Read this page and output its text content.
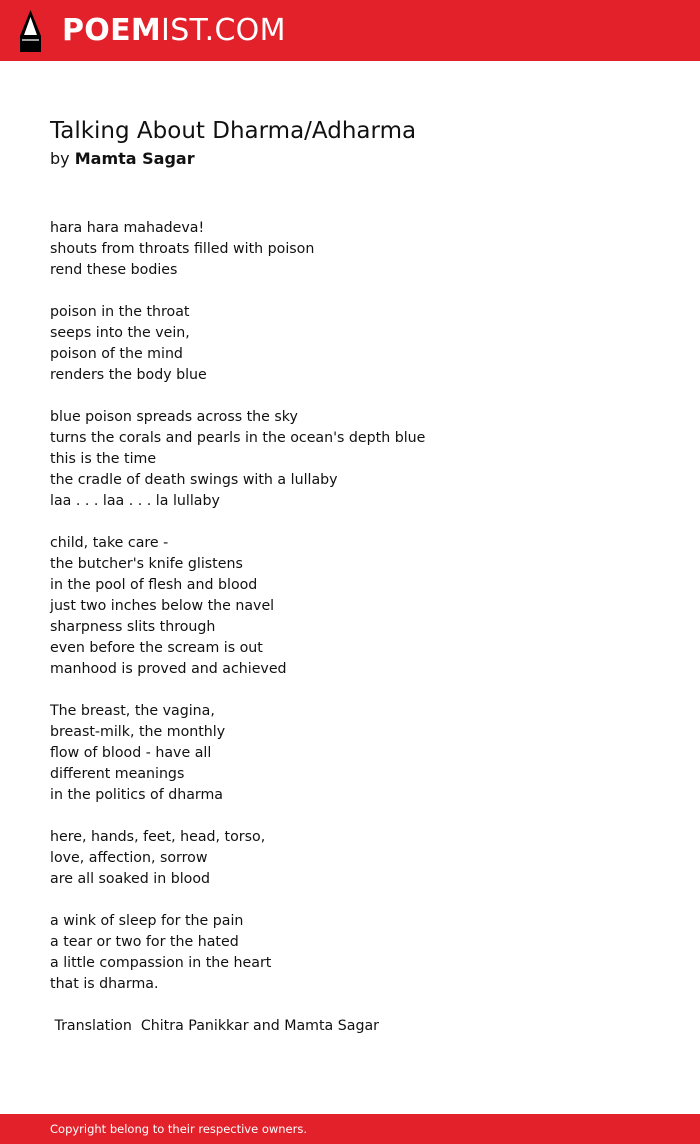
POEMIST.COM
Talking About Dharma/Adharma

by Mamta Sagar

hara hara mahadeva!
shouts from throats filled with poison
rend these bodies
poison in the throat
seeps into the vein,
poison of the mind
renders the body blue
blue poison spreads across the sky
turns the corals and pearls in the ocean's depth blue
this is the time
the cradle of death swings with a lullaby
laa . . . laa . . . la lullaby
child, take care -
the butcher's knife glistens
in the pool of flesh and blood
just two inches below the navel
sharpness slits through
even before the scream is out
manhood is proved and achieved
The breast, the vagina,
breast-milk, the monthly
flow of blood - have all
different meanings
in the politics of dharma
here, hands, feet, head, torso,
love, affection, sorrow
are all soaked in blood
a wink of sleep for the pain
a tear or two for the hated
a little compassion in the heart
that is dharma.
Translation  Chitra Panikkar and Mamta Sagar
Copyright belong to their respective owners.
